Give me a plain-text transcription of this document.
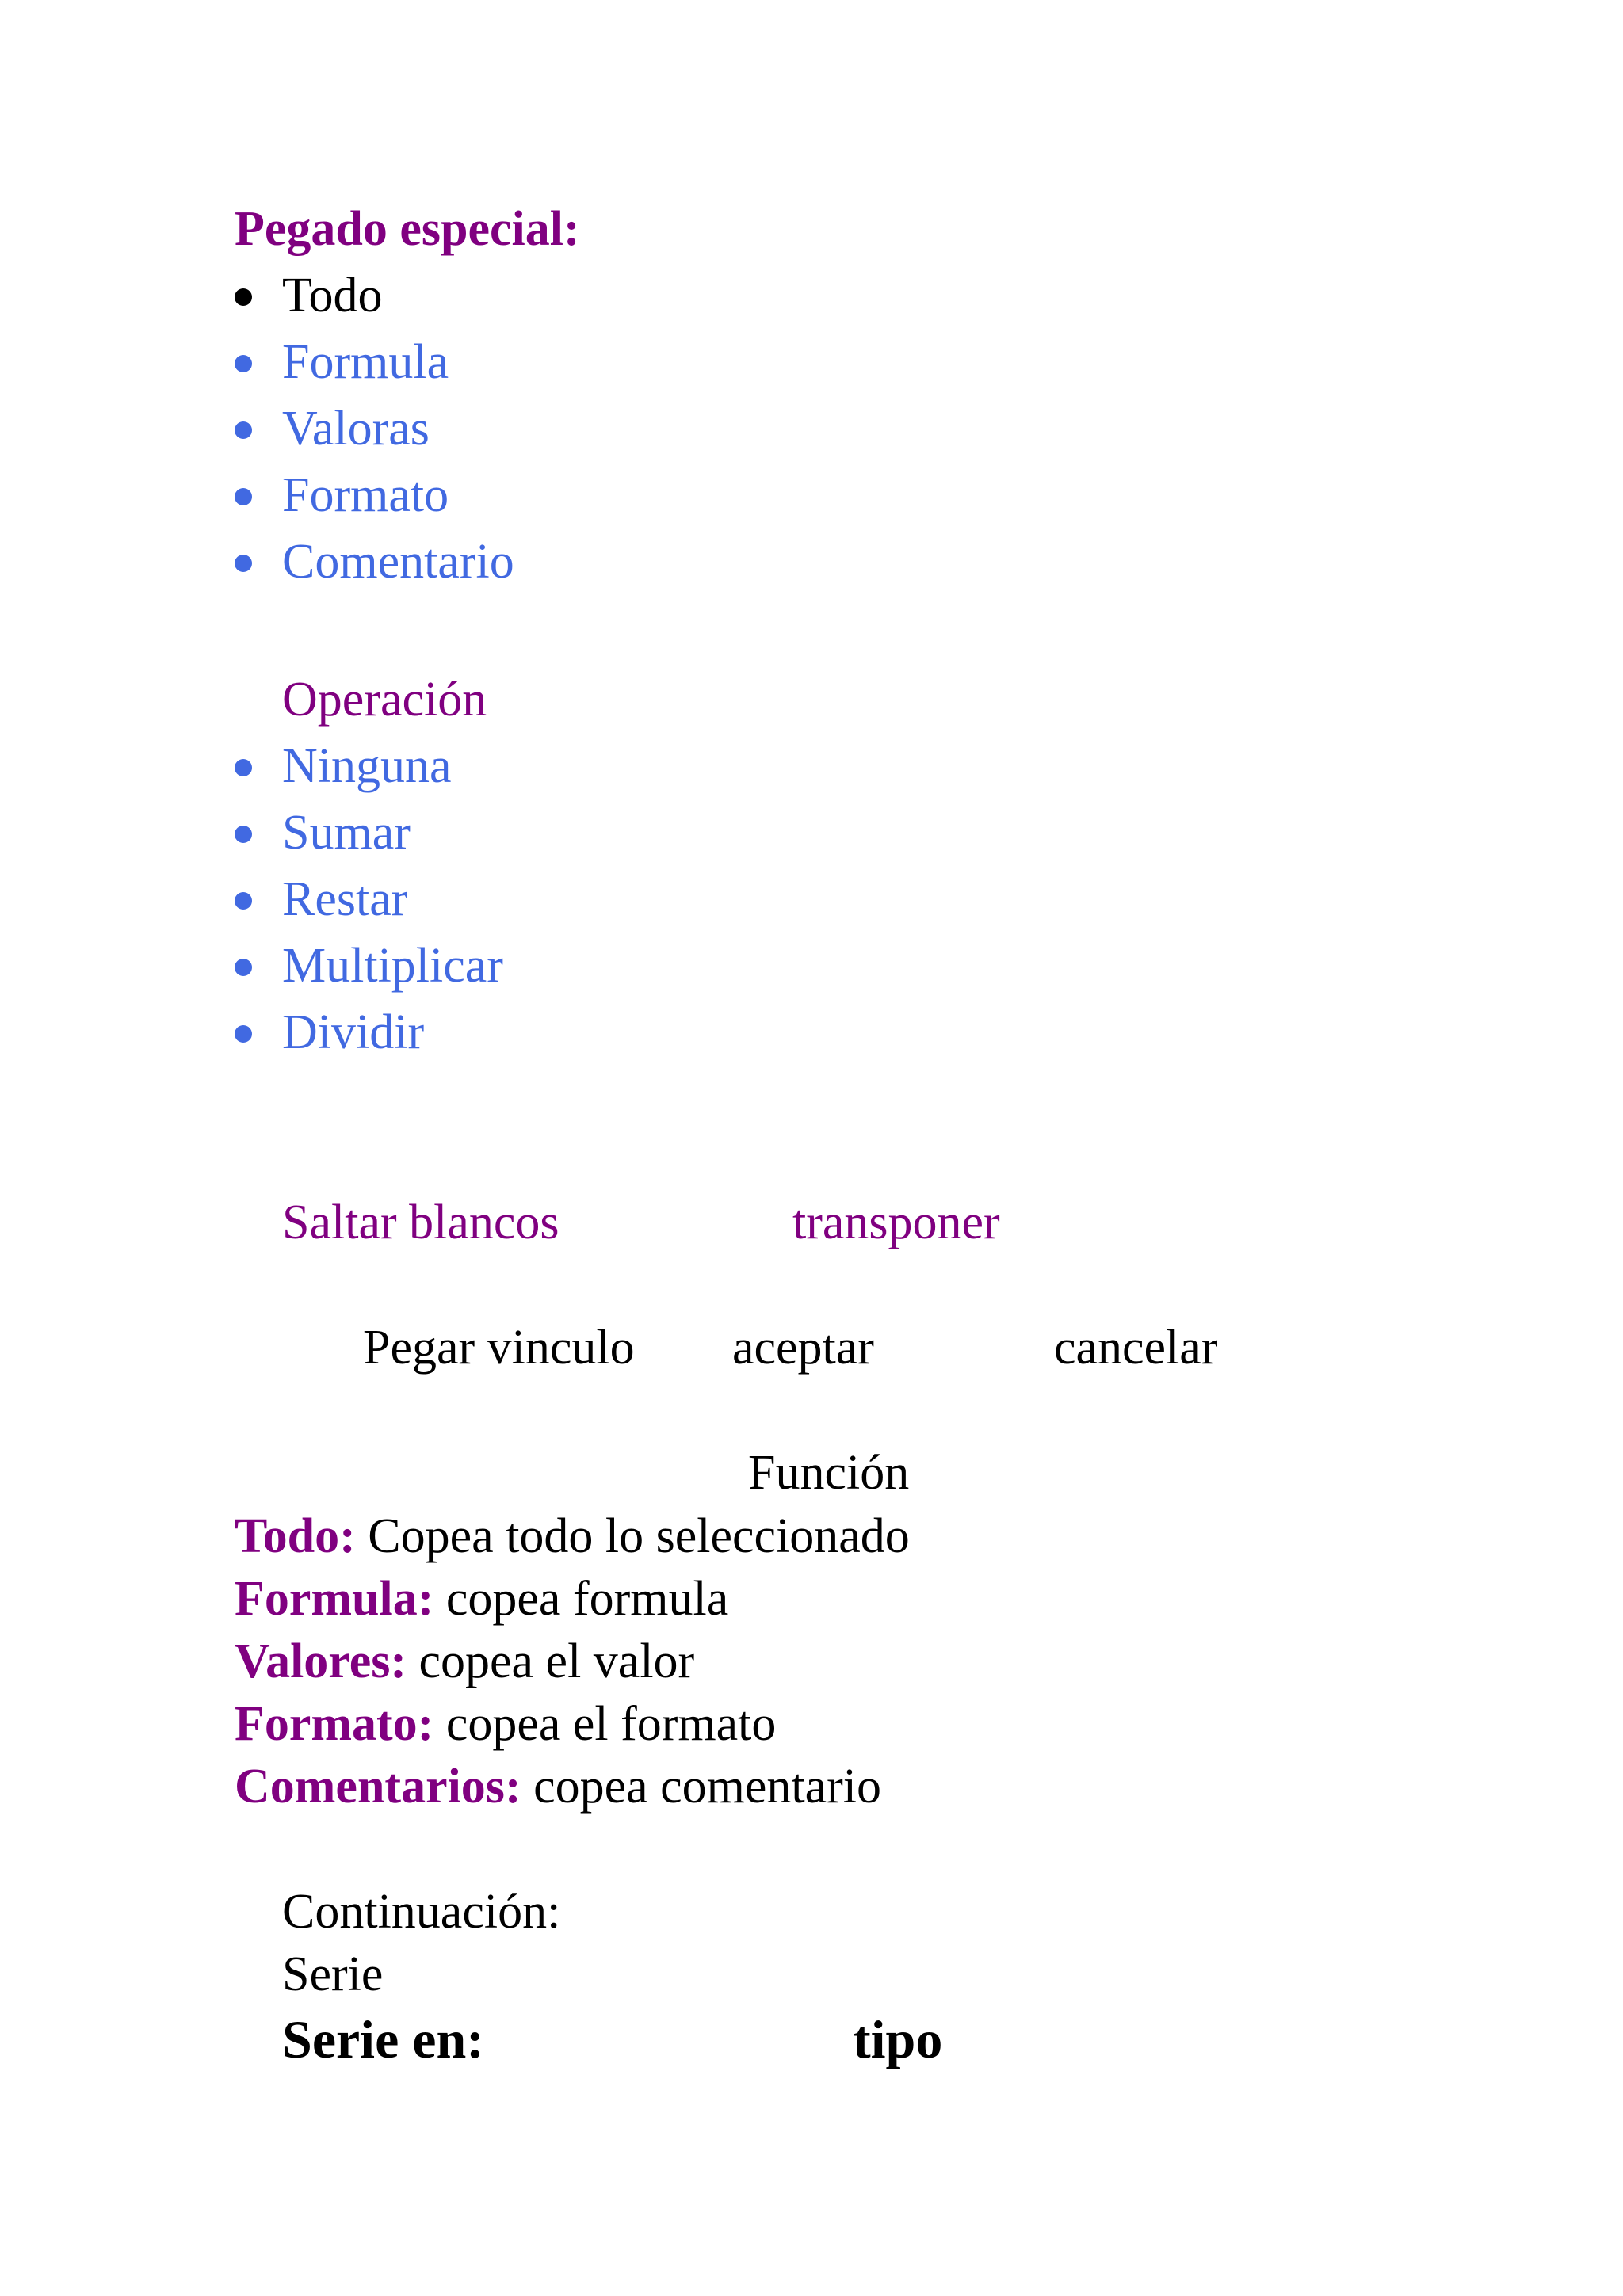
Pegado especial:
Todo
Formula
Valoras
Formato
Comentario
Operación
Ninguna
Sumar
Restar
Multiplicar
Dividir
Saltar blancos	transponer
Pegar vinculo aceptar	cancelar
Función
Todo: Copea todo lo seleccionado
Formula: copea formula
Valores: copea el valor
Formato: copea el formato
Comentarios: copea comentario
Continuación:
Serie
Serie en:	tipo
